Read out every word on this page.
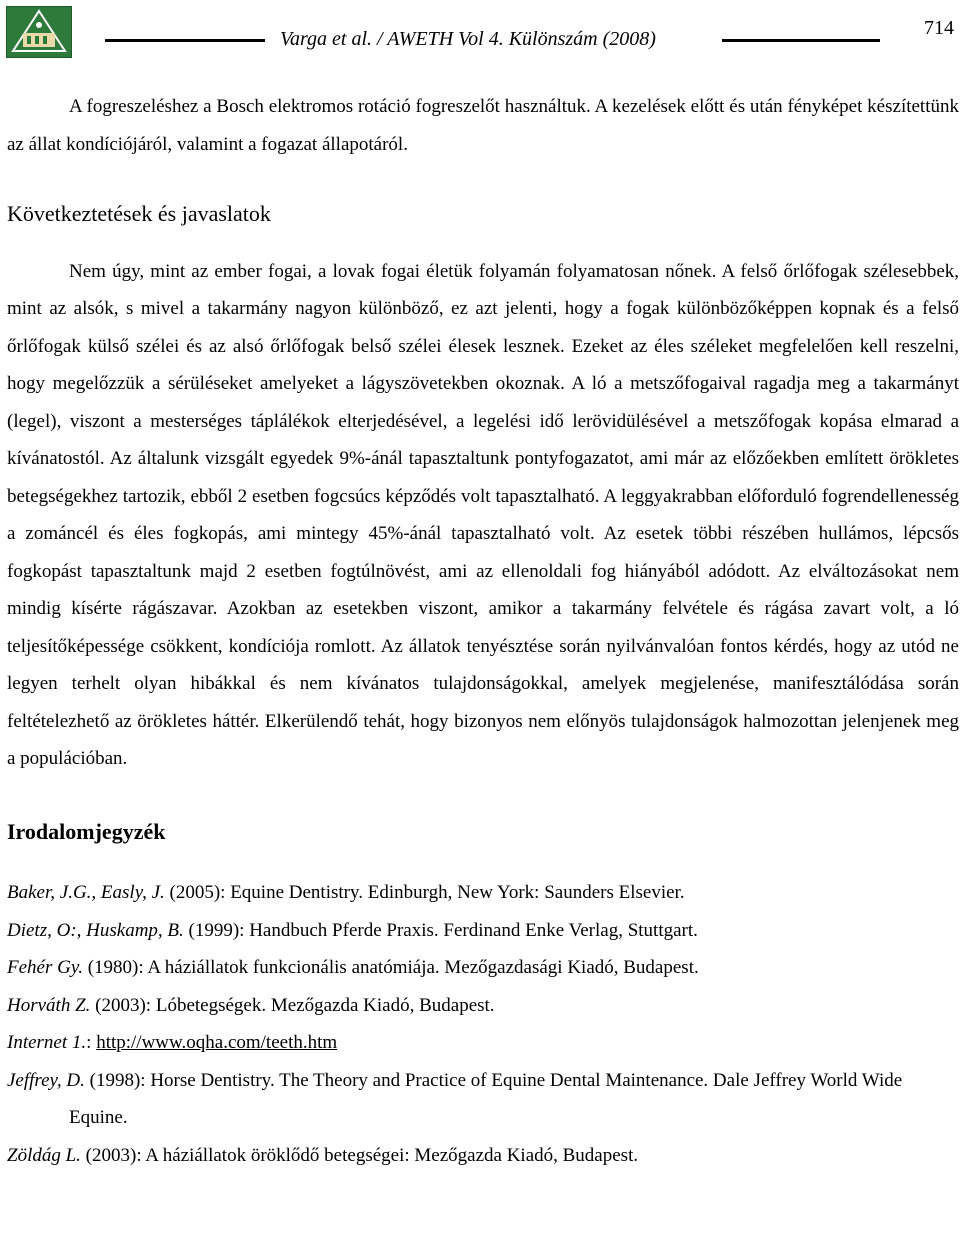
Varga et al. / AWETH Vol 4. Különszám (2008)	714

A fogreszeléshez a Bosch elektromos rotáció fogreszelőt használtuk. A kezelések előtt és után fényképet készítettünk az állat kondíciójáról, valamint a fogazat állapotáról.

Következtetések és javaslatok

Nem úgy, mint az ember fogai, a lovak fogai életük folyamán folyamatosan nőnek. A felső őrlőfogak szélesebbek, mint az alsók, s mivel a takarmány nagyon különböző, ez azt jelenti, hogy a fogak különbözőképpen kopnak és a felső őrlőfogak külső szélei és az alsó őrlőfogak belső szélei élesek lesznek. Ezeket az éles széleket megfelelően kell reszelni, hogy megelőzzük a sérüléseket amelyeket a lágyszövetekben okoznak. A ló a metszőfogaival ragadja meg a takarmányt (legel), viszont a mesterséges táplálékok elterjedésével, a legelési idő lerövidülésével a metszőfogak kopása elmarad a kívánatostól. Az általunk vizsgált egyedek 9%-ánál tapasztaltunk pontyfogazatot, ami már az előzőekben említett örökletes betegségekhez tartozik, ebből 2 esetben fogcsúcs képződés volt tapasztalható. A leggyakrabban előforduló fogrendellenesség a zománcél és éles fogkopás, ami mintegy 45%-ánál tapasztalható volt. Az esetek többi részében hullámos, lépcsős fogkopást tapasztaltunk majd 2 esetben fogtúlnövést, ami az ellenoldali fog hiányából adódott. Az elváltozásokat nem mindig kísérte rágászavar. Azokban az esetekben viszont, amikor a takarmány felvétele és rágása zavart volt, a ló teljesítőképessége csökkent, kondíciója romlott. Az állatok tenyésztése során nyilvánvalóan fontos kérdés, hogy az utód ne legyen terhelt olyan hibákkal és nem kívánatos tulajdonságokkal, amelyek megjelenése, manifesztálódása során feltételezhető az örökletes háttér. Elkerülendő tehát, hogy bizonyos nem előnyös tulajdonságok halmozottan jelenjenek meg a populációban.

Irodalomjegyzék
Baker, J.G., Easly, J. (2005): Equine Dentistry. Edinburgh, New York: Saunders Elsevier.
Dietz, O:, Huskamp, B. (1999): Handbuch Pferde Praxis. Ferdinand Enke Verlag, Stuttgart.
Fehér Gy. (1980): A háziállatok funkcionális anatómiája. Mezőgazdasági Kiadó, Budapest.
Horváth Z. (2003): Lóbetegségek. Mezőgazda Kiadó, Budapest.
Internet 1.: http://www.oqha.com/teeth.htm
Jeffrey, D. (1998): Horse Dentistry. The Theory and Practice of Equine Dental Maintenance. Dale Jeffrey World Wide Equine.
Zöldág L. (2003): A háziállatok öröklődő betegségei: Mezőgazda Kiadó, Budapest.
